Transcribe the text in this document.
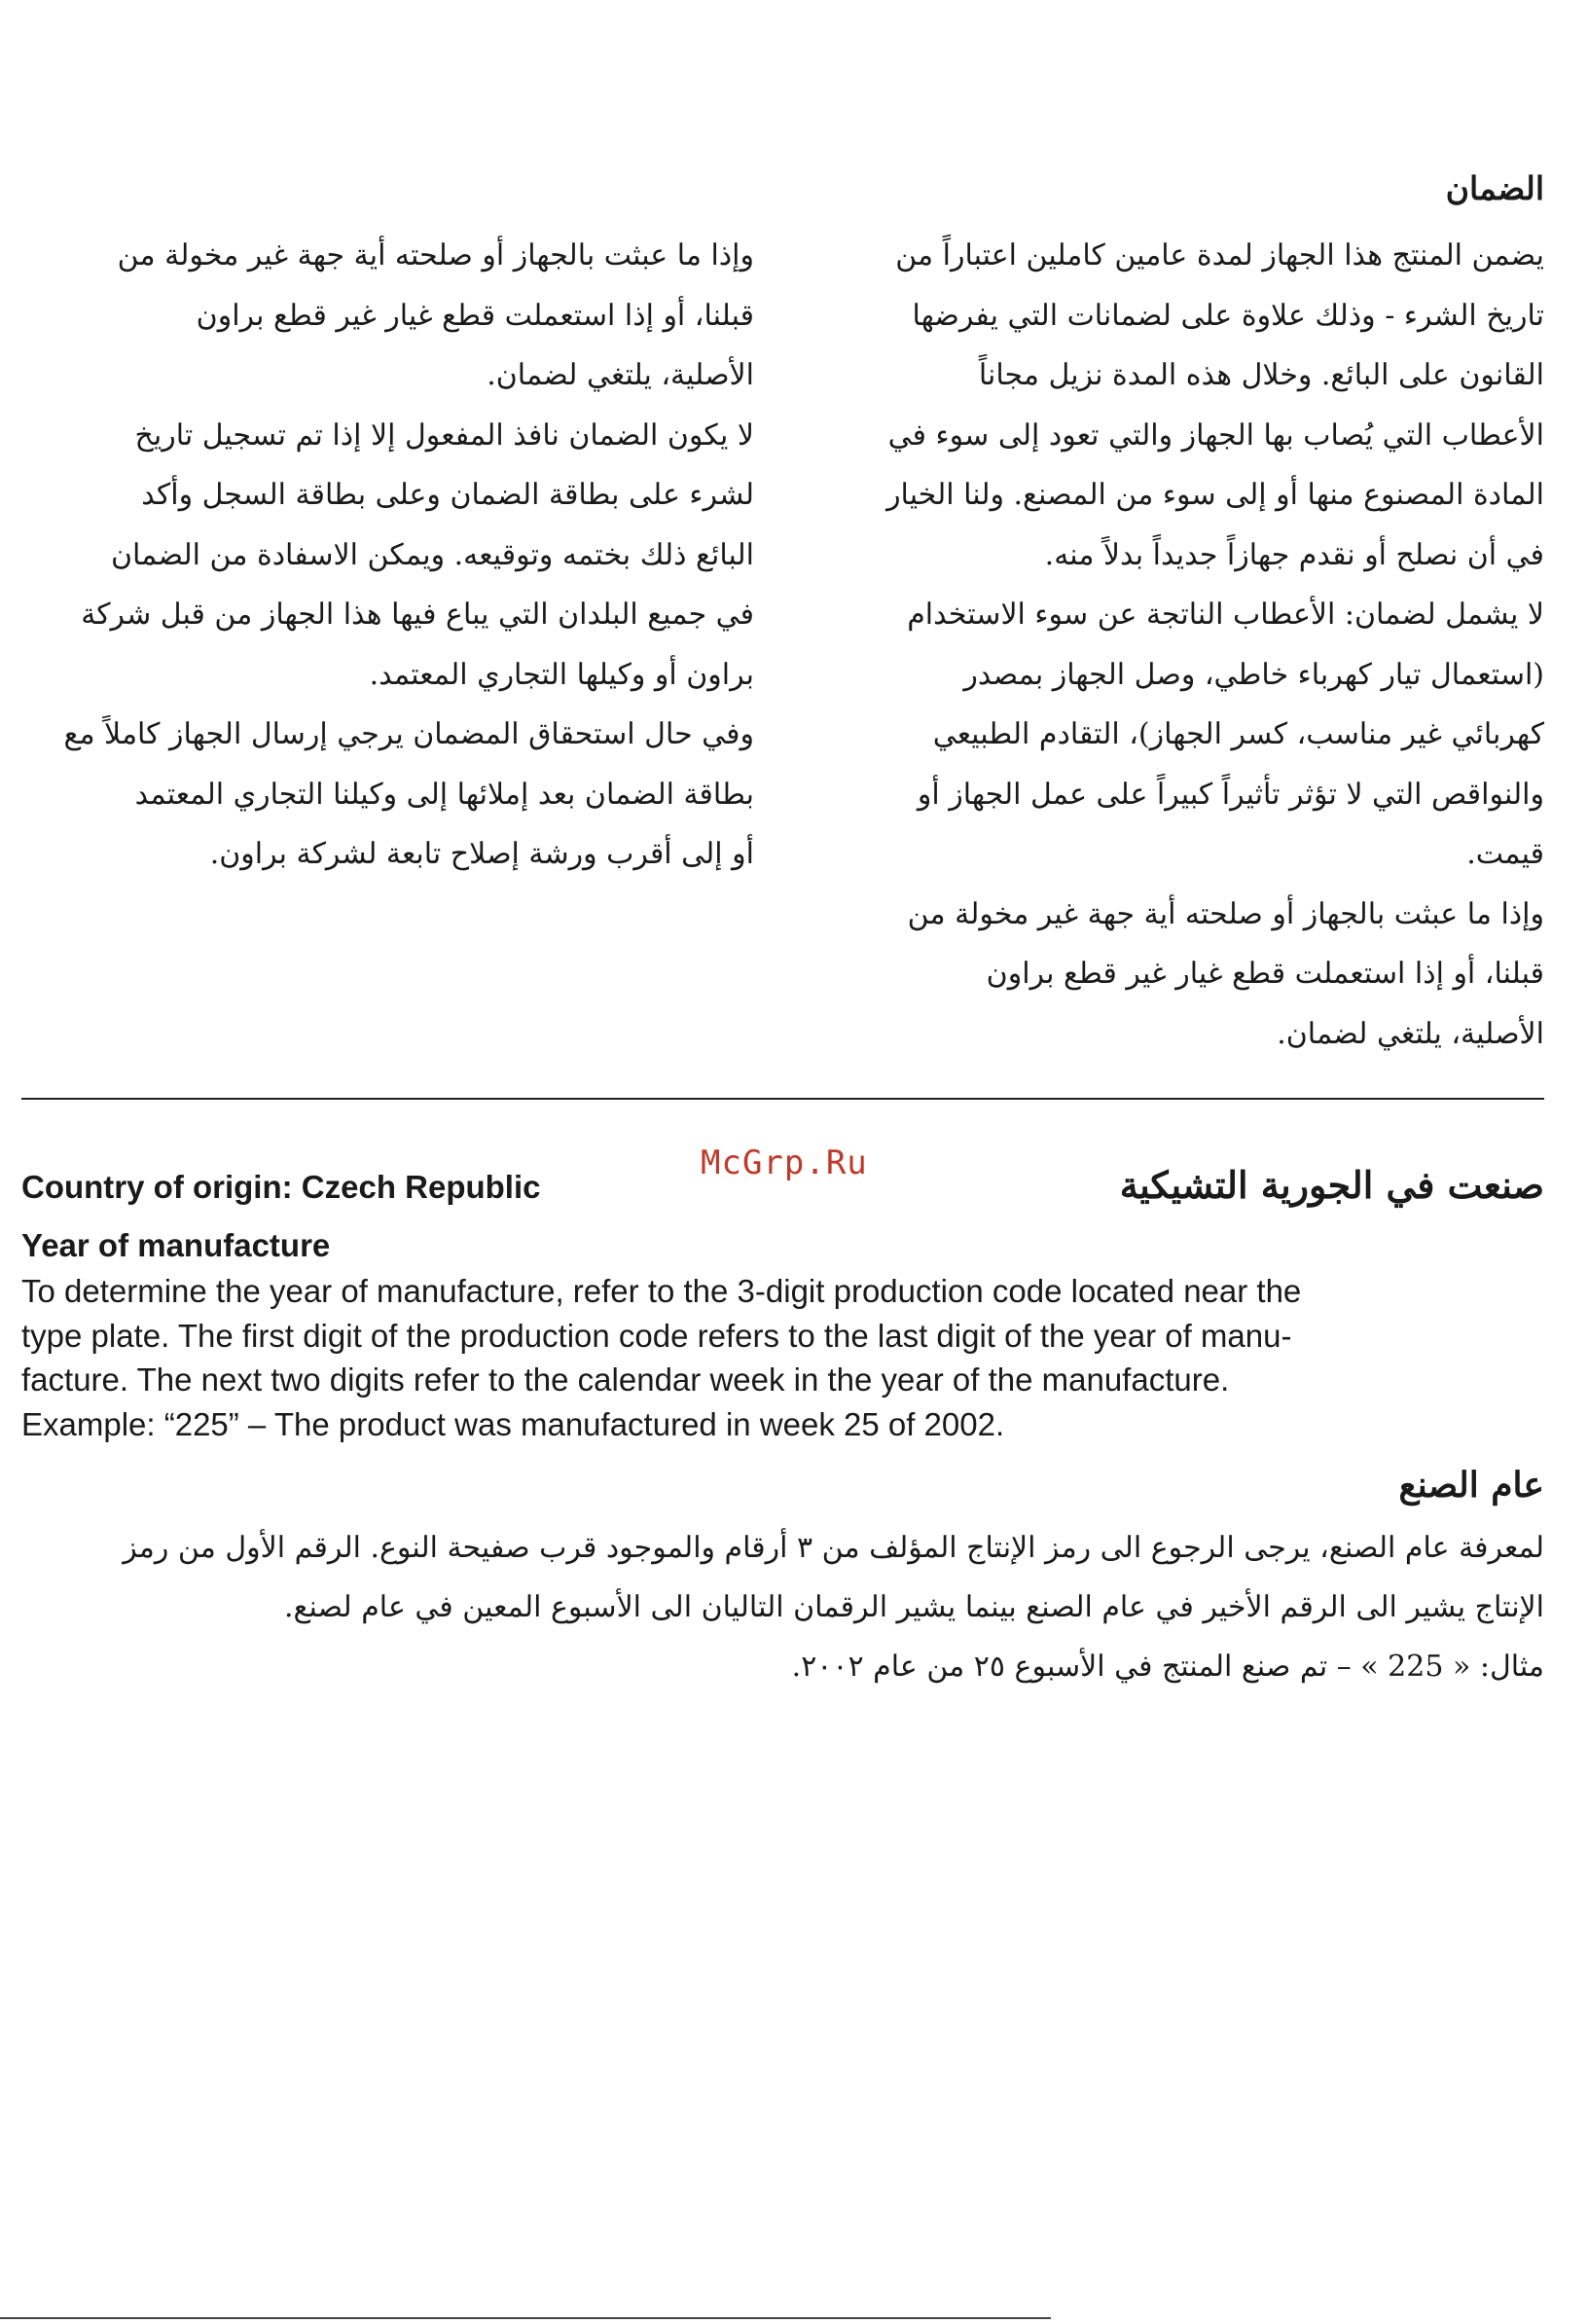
الضمان

يضمن المنتج هذا الجهاز لمدة عامين كاملين اعتباراً من

تاريخ الشرء - وذلك علاوة على لضمانات التي يفرضها

القانون على البائع. وخلال هذه المدة نزيل مجاناً

الأعطاب التي يُصاب بها الجهاز والتي تعود إلى سوء في

المادة المصنوع منها أو إلى سوء من المصنع. ولنا الخيار

في أن نصلح أو نقدم جهازاً جديداً بدلاً منه.

لا يشمل لضمان: الأعطاب الناتجة عن سوء الاستخدام

(استعمال تيار كهرباء خاطي، وصل الجهاز بمصدر

كهربائي غير مناسب، كسر الجهاز)، التقادم الطبيعي

والنواقص التي لا تؤثر تأثيراً كبيراً على عمل الجهاز أو

قيمت.

وإذا ما عبثت بالجهاز أو صلحته أية جهة غير مخولة من

قبلنا، أو إذا استعملت قطع غيار غير قطع براون

الأصلية، يلتغي لضمان.

وإذا ما عبثت بالجهاز أو صلحته أية جهة غير مخولة من

قبلنا، أو إذا استعملت قطع غيار غير قطع براون

الأصلية، يلتغي لضمان.

لا يكون الضمان نافذ المفعول إلا إذا تم تسجيل تاريخ

لشرء على بطاقة الضمان وعلى بطاقة السجل وأكد

البائع ذلك بختمه وتوقيعه. ويمكن الاسفادة من الضمان

في جميع البلدان التي يباع فيها هذا الجهاز من قبل شركة

براون أو وكيلها التجاري المعتمد.

وفي حال استحقاق المضمان يرجي إرسال الجهاز كاملاً مع

بطاقة الضمان بعد إملائها إلى وكيلنا التجاري المعتمد

أو إلى أقرب ورشة إصلاح تابعة لشركة براون.

Country of origin: Czech Republic
McGrp.Ru	صنعت في الجورية التشيكية
Year of manufacture

To determine the year of manufacture, refer to the 3-digit production code located near the

type plate. The first digit of the production code refers to the last digit of the year of manu-

facture. The next two digits refer to the calendar week in the year of the manufacture.

Example: “225” – The product was manufactured in week 25 of 2002.

عام الصنع

لمعرفة عام الصنع، يرجى الرجوع الى رمز الإنتاج المؤلف من ٣ أرقام والموجود قرب صفيحة النوع. الرقم الأول من رمز

الإنتاج يشير الى الرقم الأخير في عام الصنع بينما يشير الرقمان التاليان الى الأسبوع المعين في عام لصنع.

مثال: « 225 » – تم صنع المنتج في الأسبوع ٢٥ من عام ٢٠٠٢.
